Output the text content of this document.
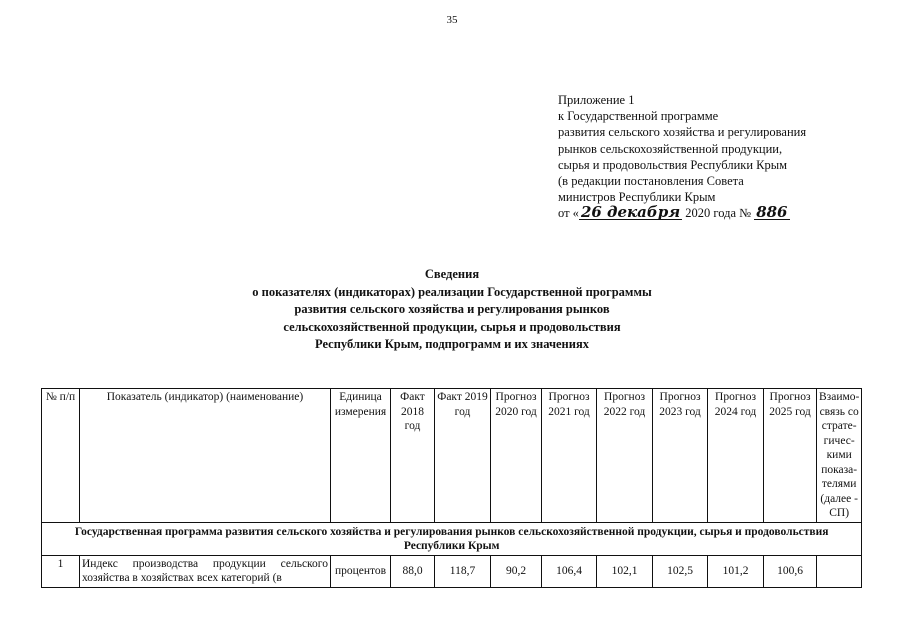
35
Приложение 1
к Государственной программе
развития сельского хозяйства и регулирования
рынков сельскохозяйственной продукции,
сырья и продовольствия Республики Крым
(в редакции постановления Совета
министров Республики Крым
от « 26 декабря 2020 года № 886
Сведения
о показателях (индикаторах) реализации Государственной программы
развития сельского хозяйства и регулирования рынков
сельскохозяйственной продукции, сырья и продовольствия
Республики Крым, подпрограмм и их значениях
№ п/п	Показатель (индикатор) (наименование)	Единица измерения	Факт 2018 год	Факт 2019 год	Прогноз 2020 год	Прогноз 2021 год	Прогноз 2022 год	Прогноз 2023 год	Прогноз 2024 год	Прогноз 2025 год	Взаимо-связь со страте-гичес-кими показа-телями (далее - СП)
Государственная программа развития сельского хозяйства и регулирования рынков сельскохозяйственной продукции, сырья и продовольствия Республики Крым											
1	Индекс производства продукции сельского хозяйства в хозяйствах всех категорий (в	процентов	88,0	118,7	90,2	106,4	102,1	102,5	101,2	100,6	
